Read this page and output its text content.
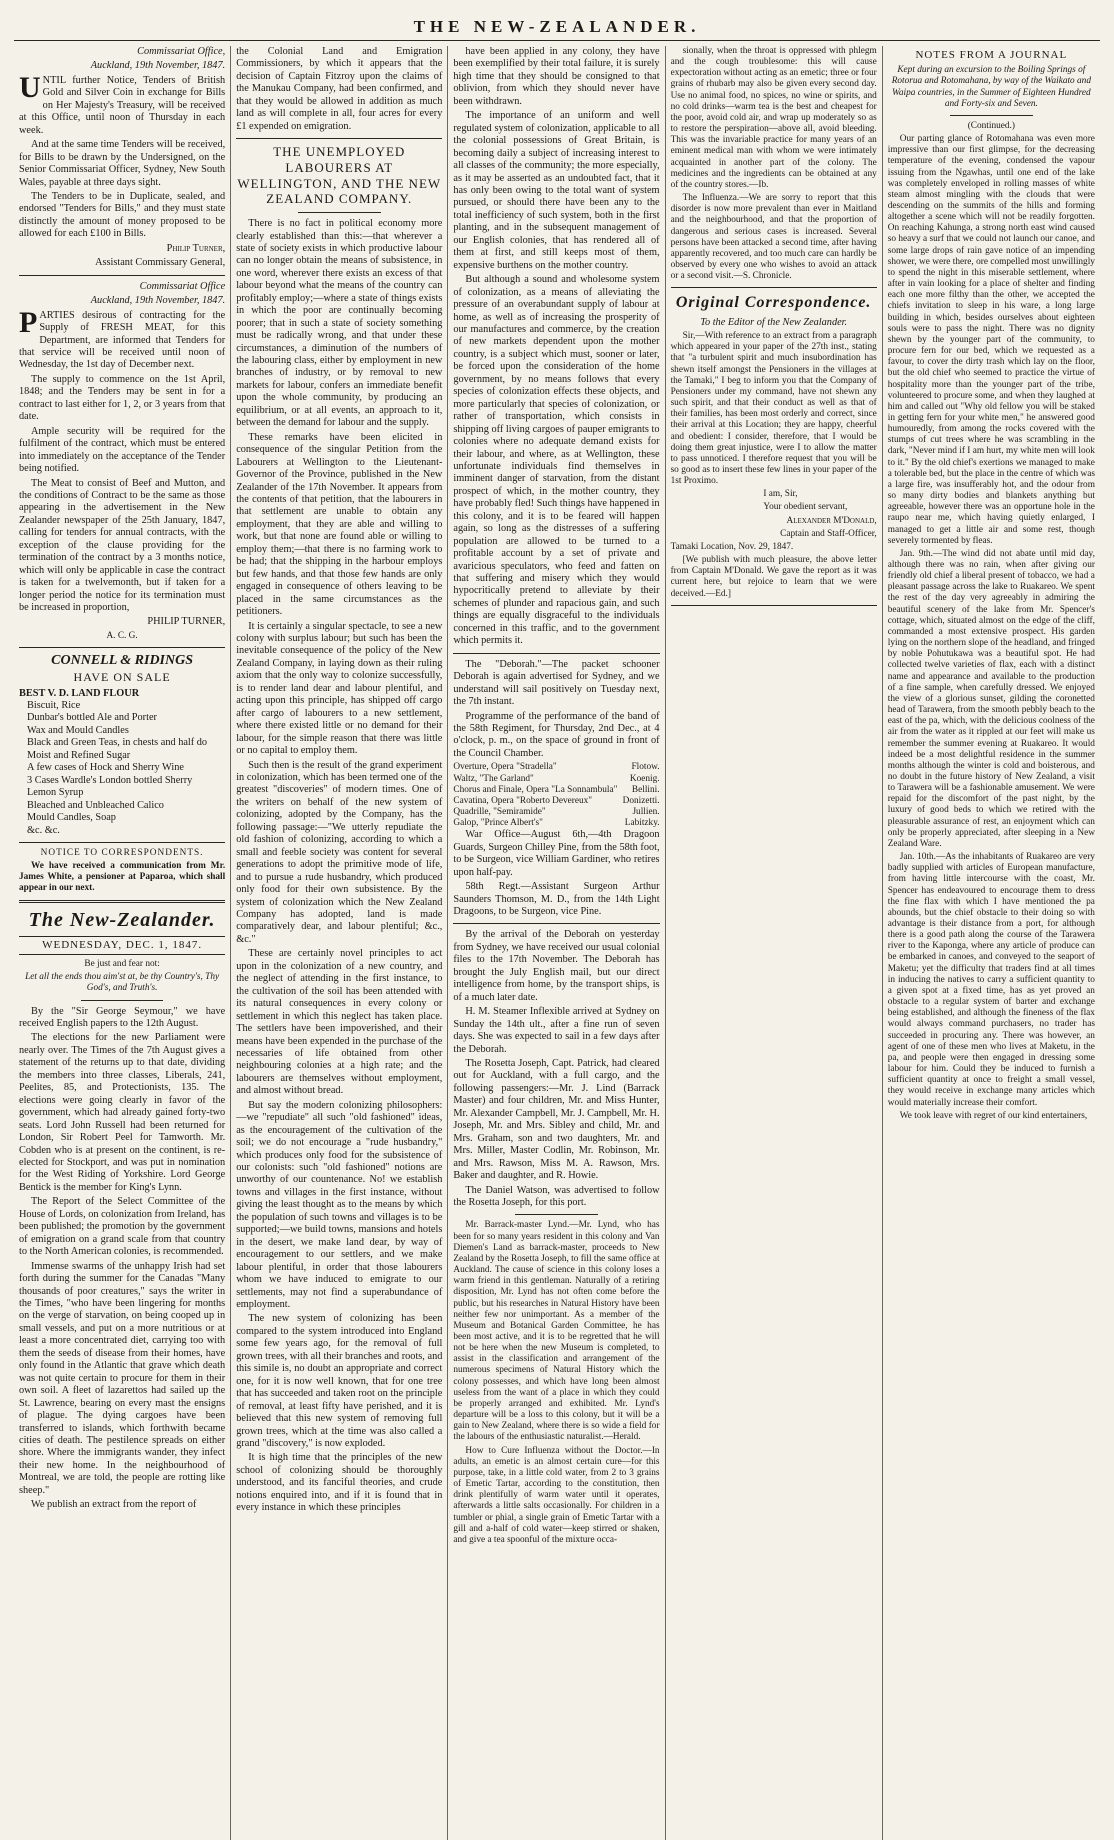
THE NEW-ZEALANDER.

Commissariat Office,

Auckland, 19th November, 1847.

UNTIL further Notice, Tenders of British Gold and Silver Coin in exchange for Bills on Her Majesty's Treasury, will be received at this Office, until noon of Thursday in each week.

And at the same time Tenders will be received, for Bills to be drawn by the Undersigned, on the Senior Commissariat Officer, Sydney, New South Wales, payable at three days sight.

The Tenders to be in Duplicate, sealed, and endorsed "Tenders for Bills," and they must state distinctly the amount of money proposed to be allowed for each £100 in Bills.

Philip Turner,

Assistant Commissary General,

Commissariat Office

Auckland, 19th November, 1847.

PARTIES desirous of contracting for the Supply of FRESH MEAT, for this Department, are informed that Tenders for that service will be received until noon of Wednesday, the 1st day of December next.

The supply to commence on the 1st April, 1848; and the Tenders may be sent in for a contract to last either for 1, 2, or 3 years from that date.

Ample security will be required for the fulfilment of the contract, which must be entered into immediately on the acceptance of the Tender being notified.

The Meat to consist of Beef and Mutton, and the conditions of Contract to be the same as those appearing in the advertisement in the New Zealander newspaper of the 25th January, 1847, calling for tenders for annual contracts, with the exception of the clause providing for the termination of the contract by a 3 months notice, which will only be applicable in case the contract is taken for a twelvemonth, but if taken for a longer period the notice for its termination must be increased in proportion,

PHILIP TURNER,

A. C. G.

CONNELL & RIDINGS
HAVE ON SALE

BEST V. D. LAND FLOUR

Biscuit, Rice

Dunbar's bottled Ale and Porter

Wax and Mould Candles

Black and Green Teas, in chests and half do

Moist and Refined Sugar

A few cases of Hock and Sherry Wine

3 Cases Wardle's London bottled Sherry

Lemon Syrup

Bleached and Unbleached Calico

Mould Candles, Soap

&c. &c.

NOTICE TO CORRESPONDENTS.

We have received a communication from Mr. James White, a pensioner at Paparoa, which shall appear in our next.

The New-Zealander.
WEDNESDAY, DEC. 1, 1847.

Be just and fear not:

Let all the ends thou aim'st at, be thy Country's, Thy God's, and Truth's.

By the "Sir George Seymour," we have received English papers to the 12th August.

The elections for the new Parliament were nearly over. The Times of the 7th August gives a statement of the returns up to that date, dividing the members into three classes, Liberals, 241, Peelites, 85, and Protectionists, 135. The elections were going clearly in favor of the government, which had already gained forty-two seats. Lord John Russell had been returned for London, Sir Robert Peel for Tamworth. Mr. Cobden who is at present on the continent, is re-elected for Stockport, and was put in nomination for the West Riding of Yorkshire. Lord George Bentick is the member for King's Lynn.

The Report of the Select Committee of the House of Lords, on colonization from Ireland, has been published; the promotion by the government of emigration on a grand scale from that country to the North American colonies, is recommended.

Immense swarms of the unhappy Irish had set forth during the summer for the Canadas "Many thousands of poor creatures," says the writer in the Times, "who have been lingering for months on the verge of starvation, on being cooped up in small vessels, and put on a more nutritious or at least a more concentrated diet, carrying too with them the seeds of disease from their homes, have only found in the Atlantic that grave which death was not quite certain to procure for them in their own soil. A fleet of lazarettos had sailed up the St. Lawrence, bearing on every mast the ensigns of plague. The dying cargoes have been transferred to islands, which forthwith became cities of death. The pestilence spreads on either shore. Where the immigrants wander, they infect their new home. In the neighbourhood of Montreal, we are told, the people are rotting like sheep."

We publish an extract from the report of

the Colonial Land and Emigration Commissioners, by which it appears that the decision of Captain Fitzroy upon the claims of the Manukau Company, had been confirmed, and that they would be allowed in addition as much land as will complete in all, four acres for every £1 expended on emigration.

THE UNEMPLOYED LABOURERS AT WELLINGTON, AND THE NEW ZEALAND COMPANY.

There is no fact in political economy more clearly established than this:—that wherever a state of society exists in which productive labour can no longer obtain the means of subsistence, in one word, wherever there exists an excess of that labour beyond what the means of the country can profitably employ;—where a state of things exists in which the poor are continually becoming poorer; that in such a state of society something must be radically wrong, and that under these circumstances, a diminution of the numbers of the labouring class, either by employment in new branches of industry, or by removal to new markets for labour, confers an immediate benefit upon the whole community, by producing an equilibrium, or at all events, an approach to it, between the demand for labour and the supply.

These remarks have been elicited in consequence of the singular Petition from the Labourers at Wellington to the Lieutenant-Governor of the Province, published in the New Zealander of the 17th November. It appears from the contents of that petition, that the labourers in that settlement are unable to obtain any employment, that they are able and willing to work, but that none are found able or willing to employ them;—that there is no farming work to be had; that the shipping in the harbour employs but few hands, and that those few hands are only engaged in consequence of others leaving to be placed in the same circumstances as the petitioners.

It is certainly a singular spectacle, to see a new colony with surplus labour; but such has been the inevitable consequence of the policy of the New Zealand Company, in laying down as their ruling axiom that the only way to colonize successfully, is to render land dear and labour plentiful, and acting upon this principle, has shipped off cargo after cargo of labourers to a new settlement, where there existed little or no demand for their labour, for the simple reason that there was little or no capital to employ them.

Such then is the result of the grand experiment in colonization, which has been termed one of the greatest "discoveries" of modern times. One of the writers on behalf of the new system of colonizing, adopted by the Company, has the following passage:—"We utterly repudiate the old fashion of colonizing, according to which a small and feeble society was content for several generations to adopt the primitive mode of life, and to pursue a rude husbandry, which produced only food for their own subsistence. By the system of colonization which the New Zealand Company has adopted, land is made comparatively dear, and labour plentiful; &c., &c."

These are certainly novel principles to act upon in the colonization of a new country, and the neglect of attending in the first instance, to the cultivation of the soil has been attended with its natural consequences in every colony or settlement in which this neglect has taken place. The settlers have been impoverished, and their means have been expended in the purchase of the necessaries of life obtained from other neighbouring colonies at a high rate; and the labourers are themselves without employment, and almost without bread.

But say the modern colonizing philosophers:—we "repudiate" all such "old fashioned" ideas, as the encouragement of the cultivation of the soil; we do not encourage a "rude husbandry," which produces only food for the subsistence of our colonists: such "old fashioned" notions are unworthy of our countenance. No! we establish towns and villages in the first instance, without giving the least thought as to the means by which the population of such towns and villages is to be supported;—we build towns, mansions and hotels in the desert, we make land dear, by way of encouragement to our settlers, and we make labour plentiful, in order that those labourers whom we have induced to emigrate to our settlements, may not find a superabundance of employment.

The new system of colonizing has been compared to the system introduced into England some few years ago, for the removal of full grown trees, with all their branches and roots, and this simile is, no doubt an appropriate and correct one, for it is now well known, that for one tree that has succeeded and taken root on the principle of removal, at least fifty have perished, and it is believed that this new system of removing full grown trees, which at the time was also called a grand "discovery," is now exploded.

It is high time that the principles of the new school of colonizing should be thoroughly understood, and its fanciful theories, and crude notions enquired into, and if it is found that in every instance in which these principles

have been applied in any colony, they have been exemplified by their total failure, it is surely high time that they should be consigned to that oblivion, from which they should never have been withdrawn.

The importance of an uniform and well regulated system of colonization, applicable to all the colonial possessions of Great Britain, is becoming daily a subject of increasing interest to all classes of the community; the more especially, as it may be asserted as an undoubted fact, that it has only been owing to the total want of system pursued, or should there have been any to the total inefficiency of such system, both in the first planting, and in the subsequent management of our English colonies, that has rendered all of them at first, and still keeps most of them, expensive burthens on the mother country.

But although a sound and wholesome system of colonization, as a means of alleviating the pressure of an overabundant supply of labour at home, as well as of increasing the prosperity of our manufactures and commerce, by the creation of new markets dependent upon the mother country, is a subject which must, sooner or later, be forced upon the consideration of the home government, by no means follows that every species of colonization effects these objects, and more particularly that species of colonization, or rather of transportation, which consists in shipping off living cargoes of pauper emigrants to colonies where no adequate demand exists for their labour, and where, as at Wellington, these unfortunate individuals find themselves in imminent danger of starvation, from the distant prospect of which, in the mother country, they have probably fled! Such things have happened in this colony, and it is to be feared will happen again, so long as the distresses of a suffering population are allowed to be turned to a profitable account by a set of private and avaricious speculators, who feed and fatten on that suffering and misery which they would hypocritically pretend to alleviate by their schemes of plunder and rapacious gain, and such things are equally disgraceful to the individuals concerned in this traffic, and to the government which permits it.

The "Deborah."—The packet schooner Deborah is again advertised for Sydney, and we understand will sail positively on Tuesday next, the 7th instant.

Programme of the performance of the band of the 58th Regiment, for Thursday, 2nd Dec., at 4 o'clock, p. m., on the space of ground in front of the Council Chamber.

Overture, Opera "Stradella"	Flotow.
Waltz, "The Garland"	Koenig.
Chorus and Finale, Opera "La Sonnambula" Bellini.
Cavatina, Opera "Roberto Devereux"	Donizetti.
Quadrille, "Semiramide"	Jullien.
Galop, "Prince Albert's"	Labitzky.

War Office—August 6th,—4th Dragoon Guards, Surgeon Chilley Pine, from the 58th foot, to be Surgeon, vice William Gardiner, who retires upon half-pay.

58th Regt.—Assistant Surgeon Arthur Saunders Thomson, M. D., from the 14th Light Dragoons, to be Surgeon, vice Pine.

By the arrival of the Deborah on yesterday from Sydney, we have received our usual colonial files to the 17th November. The Deborah has brought the July English mail, but our direct intelligence from home, by the transport ships, is of a much later date.

H. M. Steamer Inflexible arrived at Sydney on Sunday the 14th ult., after a fine run of seven days. She was expected to sail in a few days after the Deborah.

The Rosetta Joseph, Capt. Patrick, had cleared out for Auckland, with a full cargo, and the following passengers:—Mr. J. Lind (Barrack Master) and four children, Mr. and Miss Hunter, Mr. Alexander Campbell, Mr. J. Campbell, Mr. H. Joseph, Mr. and Mrs. Sibley and child, Mr. and Mrs. Graham, son and two daughters, Mr. and Mrs. Miller, Master Codlin, Mr. Robinson, Mr. and Mrs. Rawson, Miss M. A. Rawson, Mrs. Baker and daughter, and R. Howie.

The Daniel Watson, was advertised to follow the Rosetta Joseph, for this port.

Mr. Barrack-master Lynd.—Mr. Lynd, who has been for so many years resident in this colony and Van Diemen's Land as barrack-master, proceeds to New Zealand by the Rosetta Joseph, to fill the same office at Auckland. The cause of science in this colony loses a warm friend in this gentleman. Naturally of a retiring disposition, Mr. Lynd has not often come before the public, but his researches in Natural History have been neither few nor unimportant. As a member of the Museum and Botanical Garden Committee, he has been most active, and it is to be regretted that he will not be here when the new Museum is completed, to assist in the classification and arrangement of the numerous specimens of Natural History which the colony possesses, and which have long been almost useless from the want of a place in which they could be properly arranged and exhibited. Mr. Lynd's departure will be a loss to this colony, but it will be a gain to New Zealand, where there is so wide a field for the labours of the enthusiastic naturalist.—Herald.

How to Cure Influenza without the Doctor.—In adults, an emetic is an almost certain cure—for this purpose, take, in a little cold water, from 2 to 3 grains of Emetic Tartar, according to the constitution, then drink plentifully of warm water until it operates, afterwards a little salts occasionally. For children in a tumbler or phial, a single grain of Emetic Tartar with a gill and a-half of cold water—keep stirred or shaken, and give a tea spoonful of the mixture occa-

sionally, when the throat is oppressed with phlegm and the cough troublesome: this will cause expectoration without acting as an emetic; three or four grains of rhubarb may also be given every second day. Use no animal food, no spices, no wine or spirits, and no cold drinks—warm tea is the best and cheapest for the poor, avoid cold air, and wrap up moderately so as to restore the perspiration—above all, avoid bleeding. This was the invariable practice for many years of an eminent medical man with whom we were intimately acquainted in another part of the colony. The medicines and the ingredients can be obtained at any of the country stores.—Ib.

The Influenza.—We are sorry to report that this disorder is now more prevalent than ever in Maitland and the neighbourhood, and that the proportion of dangerous and serious cases is increased. Several persons have been attacked a second time, after having apparently recovered, and too much care can hardly be observed by every one who wishes to avoid an attack or a second visit.—S. Chronicle.

Original Correspondence.

To the Editor of the New Zealander.

Sir,—With reference to an extract from a paragraph which appeared in your paper of the 27th inst., stating that "a turbulent spirit and much insubordination has shewn itself amongst the Pensioners in the villages at the Tamaki," I beg to inform you that the Company of Pensioners under my command, have not shewn any such spirit, and that their conduct as well as that of their families, has been most orderly and correct, since their arrival at this Location; they are happy, cheerful and obedient: I consider, therefore, that I would be doing them great injustice, were I to allow the matter to pass unnoticed. I therefore request that you will be so good as to insert these few lines in your paper of the 1st Proximo.

I am, Sir,

Your obedient servant,

Alexander M'Donald,

Captain and Staff-Officer,

Tamaki Location, Nov. 29, 1847.

[We publish with much pleasure, the above letter from Captain M'Donald. We gave the report as it was current here, but rejoice to learn that we were deceived.—Ed.]

NOTES FROM A JOURNAL

Kept during an excursion to the Boiling Springs of Rotorua and Rotomahana, by way of the Waikato and Waipa countries, in the Summer of Eighteen Hundred and Forty-six and Seven.

(Continued.)

Our parting glance of Rotomahana was even more impressive than our first glimpse, for the decreasing temperature of the evening, condensed the vapour issuing from the Ngawhas, until one end of the lake was completely enveloped in rolling masses of white steam almost mingling with the clouds that were descending on the summits of the hills and forming altogether a scene which will not be readily forgotten. On reaching Kahunga, a strong north east wind caused so heavy a surf that we could not launch our canoe, and some large drops of rain gave notice of an impending shower, we were there, ore compelled most unwillingly to spend the night in this miserable settlement, where after in vain looking for a place of shelter and finding each one more filthy than the other, we accepted the chiefs invitation to sleep in his ware, a long large building in which, besides ourselves about eighteen souls were to pass the night. There was no dignity shewn by the younger part of the community, to procure fern for our bed, which we requested as a favour, to cover the dirty trash which lay on the floor, but the old chief who seemed to practice the virtue of hospitality more than the younger part of the tribe, volunteered to procure some, and when they laughed at him and called out "Why old fellow you will be staked in getting fern for your white men," he answered good humouredly, from among the rocks covered with the stumps of cut trees where he was scrambling in the dark, "Never mind if I am hurt, my white men will look to it." By the old chief's exertions we managed to make a tolerable bed, but the place in the centre of which was a large fire, was insufferably hot, and the odour from so many dirty bodies and blankets anything but agreeable, however there was an opportune hole in the raupo near me, which having quietly enlarged, I managed to get a little air and some rest, though severely tormented by fleas.

Jan. 9th.—The wind did not abate until mid day, although there was no rain, when after giving our friendly old chief a liberal present of tobacco, we had a pleasant passage across the lake to Ruakareo. We spent the rest of the day very agreeably in admiring the beautiful scenery of the lake from Mr. Spencer's cottage, which, situated almost on the edge of the cliff, commanded a most extensive prospect. His garden lying on the northern slope of the headland, and fringed by noble Pohutukawa was a beautiful spot. He had collected twelve varieties of flax, each with a distinct name and appearance and available to the production of a fine sample, when carefully dressed. We enjoyed the view of a glorious sunset, gilding the coronetted head of Tarawera, from the smooth pebbly beach to the east of the pa, which, with the delicious coolness of the air from the water as it rippled at our feet will make us remember the summer evening at Ruakareo. It would indeed be a most delightful residence in the summer months although the winter is cold and boisterous, and no doubt in the future history of New Zealand, a visit to Tarawera will be a fashionable amusement. We were repaid for the discomfort of the past night, by the luxury of good beds to which we retired with the pleasurable assurance of rest, an enjoyment which can only be properly appreciated, after sleeping in a New Zealand Ware.

Jan. 10th.—As the inhabitants of Ruakareo are very badly supplied with articles of European manufacture, from having little intercourse with the coast, Mr. Spencer has endeavoured to encourage them to dress the fine flax with which I have mentioned the pa abounds, but the chief obstacle to their doing so with advantage is their distance from a port, for although there is a good path along the course of the Tarawera river to the Kaponga, where any article of produce can be embarked in canoes, and conveyed to the seaport of Maketu; yet the difficulty that traders find at all times in inducing the natives to carry a sufficient quantity to a given spot at a fixed time, has as yet proved an obstacle to a regular system of barter and exchange being established, and although the fineness of the flax would always command purchasers, no trader has succeeded in procuring any. There was however, an agent of one of these men who lives at Maketu, in the pa, and people were then engaged in dressing some labour for him. Could they be induced to furnish a sufficient quantity at once to freight a small vessel, they would receive in exchange many articles which would materially increase their comfort.

We took leave with regret of our kind entertainers,
